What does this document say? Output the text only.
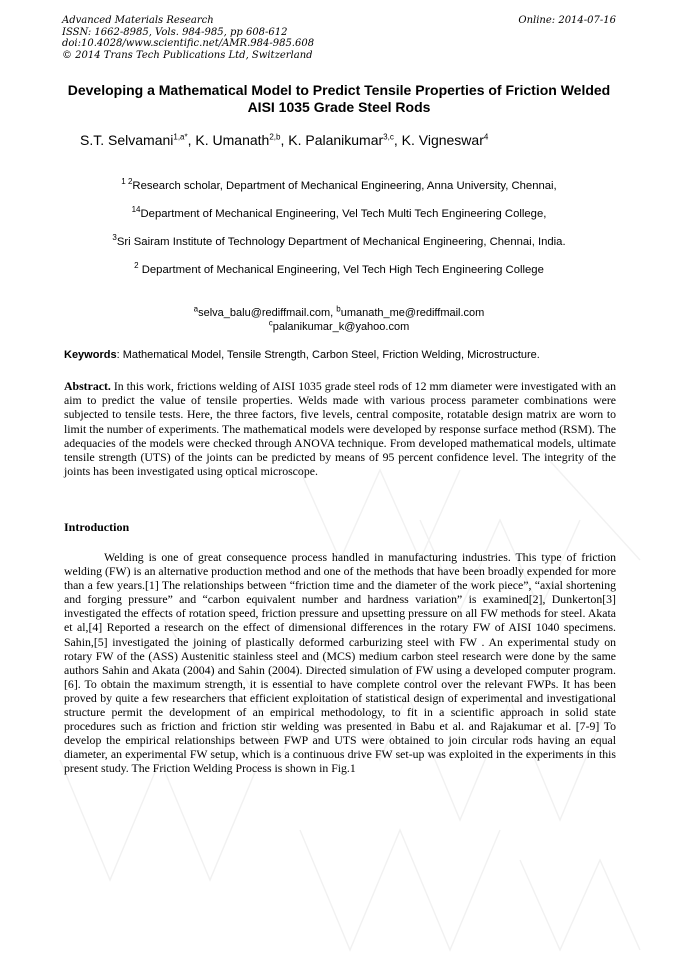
Advanced Materials Research
ISSN: 1662-8985, Vols. 984-985, pp 608-612
doi:10.4028/www.scientific.net/AMR.984-985.608
© 2014 Trans Tech Publications Ltd, Switzerland
Online: 2014-07-16
Developing a Mathematical Model to Predict Tensile Properties of Friction Welded AISI 1035 Grade Steel Rods
S.T. Selvamani$^{1,a*}$, K. Umanath$^{2,b}$, K. Palanikumar$^{3,c}$, K. Vigneswar$^4$
$^{1 2}$Research scholar, Department of Mechanical Engineering, Anna University, Chennai,
$^{14}$Department of Mechanical Engineering, Vel Tech Multi Tech Engineering College,
$^3$Sri Sairam Institute of Technology Department of Mechanical Engineering, Chennai, India.
$^2$ Department of Mechanical Engineering, Vel Tech High Tech Engineering College
$^a$selva_balu@rediffmail.com, $^b$umanath_me@rediffmail.com
$^c$palanikumar_k@yahoo.com

Keywords: Mathematical Model, Tensile Strength, Carbon Steel, Friction Welding, Microstructure.

Abstract. In this work, frictions welding of AISI 1035 grade steel rods of 12 mm diameter were investigated with an aim to predict the value of tensile properties. Welds made with various process parameter combinations were subjected to tensile tests. Here, the three factors, five levels, central composite, rotatable design matrix are worn to limit the number of experiments. The mathematical models were developed by response surface method (RSM). The adequacies of the models were checked through ANOVA technique. From developed mathematical models, ultimate tensile strength (UTS) of the joints can be predicted by means of 95 percent confidence level. The integrity of the joints has been investigated using optical microscope.

Introduction

Welding is one of great consequence process handled in manufacturing industries. This type of friction welding (FW) is an alternative production method and one of the methods that have been broadly expended for more than a few years.[1] The relationships between “friction time and the diameter of the work piece”, “axial shortening and forging pressure” and “carbon equivalent number and hardness variation” is examined[2], Dunkerton[3] investigated the effects of rotation speed, friction pressure and upsetting pressure on all FW methods for steel. Akata et al,[4] Reported a research on the effect of dimensional differences in the rotary FW of AISI 1040 specimens. Sahin,[5] investigated the joining of plastically deformed carburizing steel with FW . An experimental study on rotary FW of the (ASS) Austenitic stainless steel and (MCS) medium carbon steel research were done by the same authors Sahin and Akata (2004) and Sahin (2004). Directed simulation of FW using a developed computer program. [6]. To obtain the maximum strength, it is essential to have complete control over the relevant FWPs. It has been proved by quite a few researchers that efficient exploitation of statistical design of experimental and investigational structure permit the development of an empirical methodology, to fit in a scientific approach in solid state procedures such as friction and friction stir welding was presented in Babu et al. and Rajakumar et al. [7-9] To develop the empirical relationships between FWP and UTS were obtained to join circular rods having an equal diameter, an experimental FW setup, which is a continuous drive FW set-up was exploited in the experiments in this present study. The Friction Welding Process is shown in Fig.1
